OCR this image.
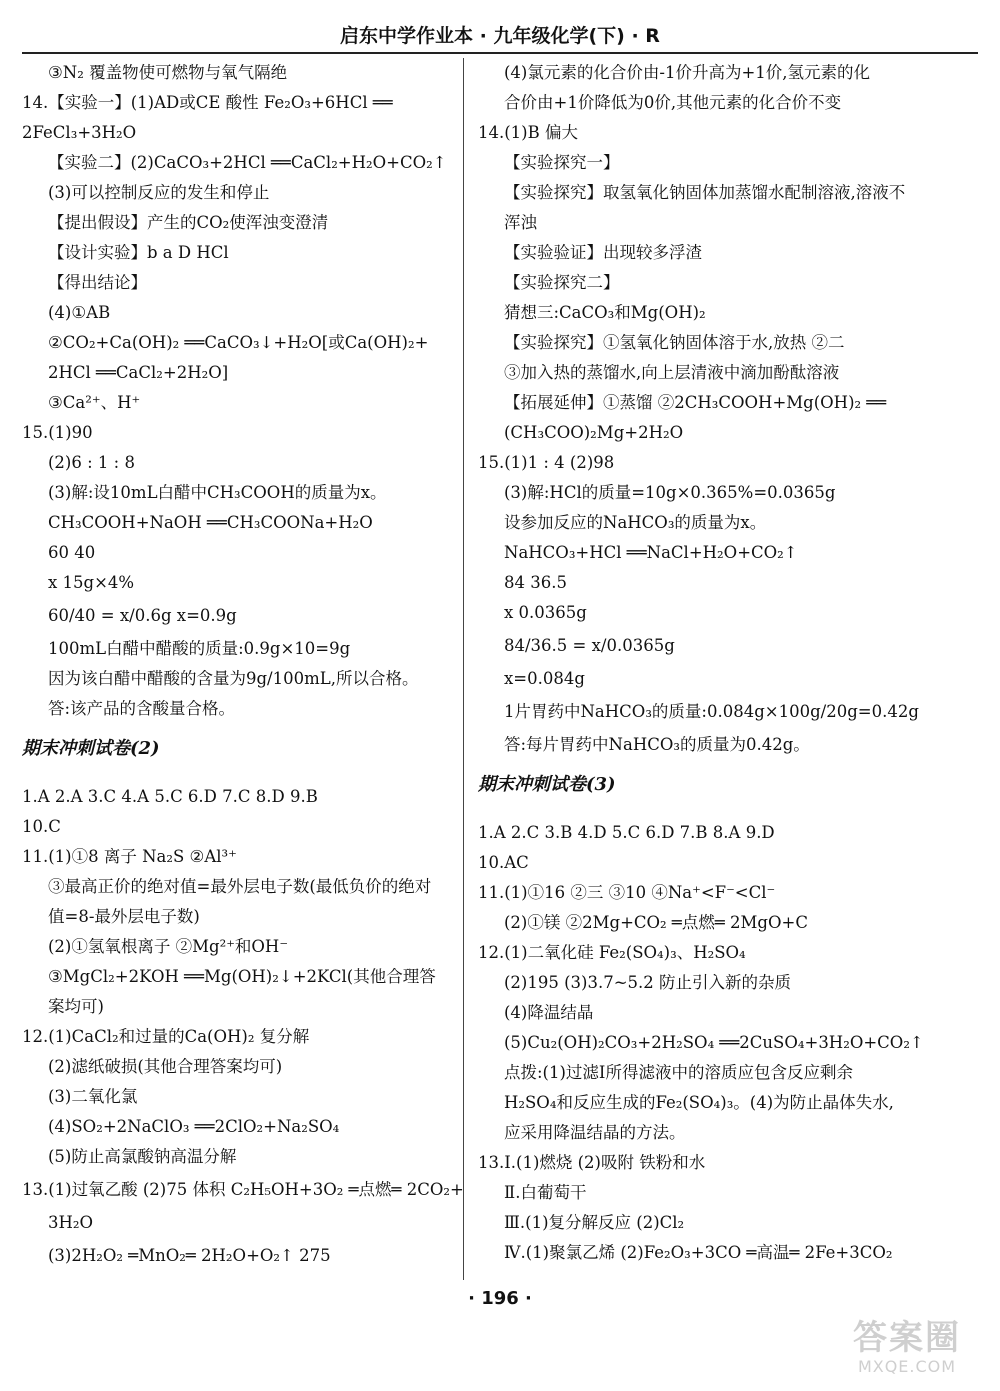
启东中学作业本 · 九年级化学(下) · R
③N₂ 覆盖物使可燃物与氧气隔绝
14.【实验一】(1)AD或CE 酸性 Fe₂O₃+6HCl ══
2FeCl₃+3H₂O
【实验二】(2)CaCO₃+2HCl ══CaCl₂+H₂O+CO₂↑
(3)可以控制反应的发生和停止
【提出假设】产生的CO₂使浑浊变澄清
【设计实验】b a D HCl
【得出结论】
(4)①AB
②CO₂+Ca(OH)₂ ══CaCO₃↓+H₂O[或Ca(OH)₂+
2HCl ══CaCl₂+2H₂O]
③Ca²⁺、H⁺
15.(1)90
(2)6 : 1 : 8
(3)解:设10mL白醋中CH₃COOH的质量为x。
CH₃COOH+NaOH ══CH₃COONa+H₂O
60 40
x 15g×4%
60/40 = x/0.6g x=0.9g
100mL白醋中醋酸的质量:0.9g×10=9g
因为该白醋中醋酸的含量为9g/100mL,所以合格。
答:该产品的含酸量合格。
期末冲刺试卷(2)
1.A 2.A 3.C 4.A 5.C 6.D 7.C 8.D 9.B
10.C
11.(1)①8 离子 Na₂S ②Al³⁺
③最高正价的绝对值=最外层电子数(最低负价的绝对
值=8-最外层电子数)
(2)①氢氧根离子 ②Mg²⁺和OH⁻
③MgCl₂+2KOH ══Mg(OH)₂↓+2KCl(其他合理答
案均可)
12.(1)CaCl₂和过量的Ca(OH)₂ 复分解
(2)滤纸破损(其他合理答案均可)
(3)二氧化氯
(4)SO₂+2NaClO₃ ══2ClO₂+Na₂SO₄
(5)防止高氯酸钠高温分解
13.(1)过氧乙酸 (2)75 体积 C₂H₅OH+3O₂ ═点燃═ 2CO₂+
3H₂O
(3)2H₂O₂ ═MnO₂═ 2H₂O+O₂↑ 275
(4)氯元素的化合价由-1价升高为+1价,氢元素的化
合价由+1价降低为0价,其他元素的化合价不变
14.(1)B 偏大
【实验探究一】
【实验探究】取氢氧化钠固体加蒸馏水配制溶液,溶液不
浑浊
【实验验证】出现较多浮渣
【实验探究二】
猜想三:CaCO₃和Mg(OH)₂
【实验探究】①氢氧化钠固体溶于水,放热 ②二
③加入热的蒸馏水,向上层清液中滴加酚酞溶液
【拓展延伸】①蒸馏 ②2CH₃COOH+Mg(OH)₂ ══
(CH₃COO)₂Mg+2H₂O
15.(1)1 : 4 (2)98
(3)解:HCl的质量=10g×0.365%=0.0365g
设参加反应的NaHCO₃的质量为x。
NaHCO₃+HCl ══NaCl+H₂O+CO₂↑
84 36.5
x 0.0365g
84/36.5 = x/0.0365g
x=0.084g
1片胃药中NaHCO₃的质量:0.084g×100g/20g=0.42g
答:每片胃药中NaHCO₃的质量为0.42g。
期末冲刺试卷(3)
1.A 2.C 3.B 4.D 5.C 6.D 7.B 8.A 9.D
10.AC
11.(1)①16 ②三 ③10 ④Na⁺<F⁻<Cl⁻
(2)①镁 ②2Mg+CO₂ ═点燃═ 2MgO+C
12.(1)二氧化硅 Fe₂(SO₄)₃、H₂SO₄
(2)195 (3)3.7~5.2 防止引入新的杂质
(4)降温结晶
(5)Cu₂(OH)₂CO₃+2H₂SO₄ ══2CuSO₄+3H₂O+CO₂↑
点拨:(1)过滤Ⅰ所得滤液中的溶质应包含反应剩余
H₂SO₄和反应生成的Fe₂(SO₄)₃。(4)为防止晶体失水,
应采用降温结晶的方法。
13.Ⅰ.(1)燃烧 (2)吸附 铁粉和水
Ⅱ.白葡萄干
Ⅲ.(1)复分解反应 (2)Cl₂
Ⅳ.(1)聚氯乙烯 (2)Fe₂O₃+3CO ═高温═ 2Fe+3CO₂
· 196 ·
答案圈
MXQE.COM
